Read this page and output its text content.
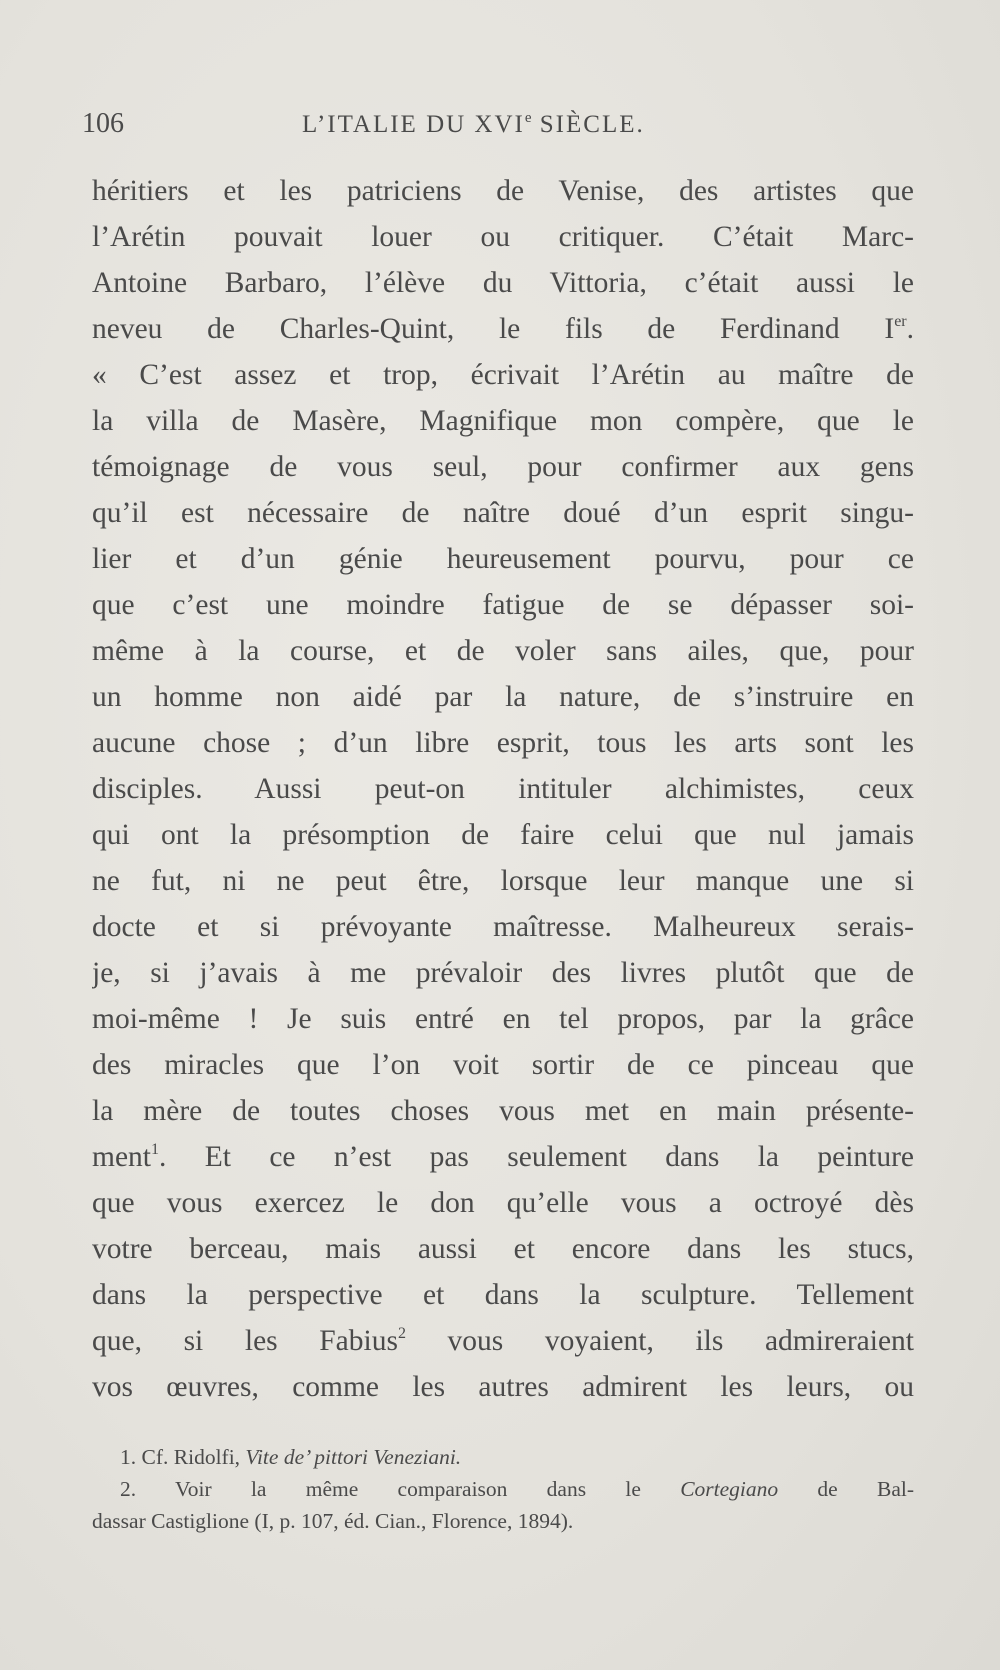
106	L’ITALIE DU XVIe SIÈCLE.
héritiers et les patriciens de Venise, des artistes que
l’Arétin pouvait louer ou critiquer. C’était Marc-
Antoine Barbaro, l’élève du Vittoria, c’était aussi le
neveu de Charles-Quint, le fils de Ferdinand Ier.
« C’est assez et trop, écrivait l’Arétin au maître de
la villa de Masère, Magnifique mon compère, que le
témoignage de vous seul, pour confirmer aux gens
qu’il est nécessaire de naître doué d’un esprit singu-
lier et d’un génie heureusement pourvu, pour ce
que c’est une moindre fatigue de se dépasser soi-
même à la course, et de voler sans ailes, que, pour
un homme non aidé par la nature, de s’instruire en
aucune chose ; d’un libre esprit, tous les arts sont les
disciples. Aussi peut-on intituler alchimistes, ceux
qui ont la présomption de faire celui que nul jamais
ne fut, ni ne peut être, lorsque leur manque une si
docte et si prévoyante maîtresse. Malheureux serais-
je, si j’avais à me prévaloir des livres plutôt que de
moi-même ! Je suis entré en tel propos, par la grâce
des miracles que l’on voit sortir de ce pinceau que
la mère de toutes choses vous met en main présente-
ment$^1$. Et ce n’est pas seulement dans la peinture
que vous exercez le don qu’elle vous a octroyé dès
votre berceau, mais aussi et encore dans les stucs,
dans la perspective et dans la sculpture. Tellement
que, si les Fabius$^2$ vous voyaient, ils admireraient
vos œuvres, comme les autres admirent les leurs, ou
1. Cf. Ridolfi, Vite de’ pittori Veneziani.
2. Voir la même comparaison dans le Cortegiano de Bal-
dassar Castiglione (I, p. 107, éd. Cian., Florence, 1894).
